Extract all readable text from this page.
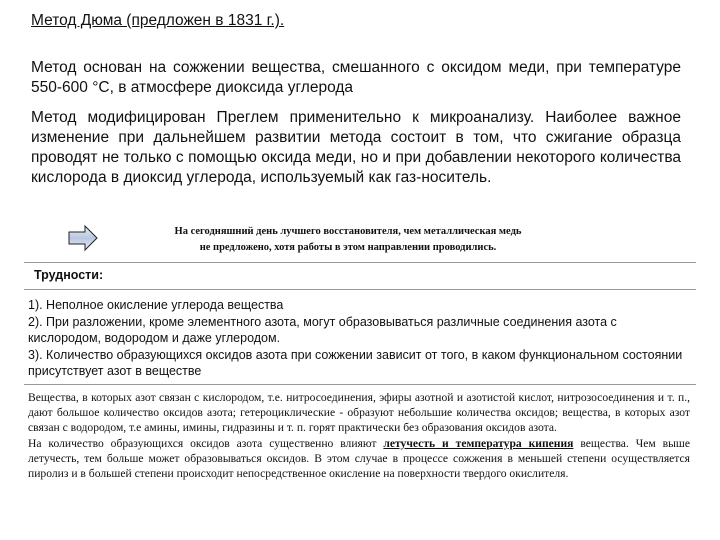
Метод Дюма (предложен в 1831 г.).
Метод основан на сожжении вещества, смешанного с оксидом меди, при температуре 550-600 °С, в атмосфере диоксида углерода
Метод модифицирован Преглем применительно к микроанализу. Наиболее важное изменение при дальнейшем развитии метода состоит в том, что сжигание образца проводят не только с помощью оксида меди, но и при добавлении некоторого количества кислорода в диоксид углерода, используемый как газ-носитель.
На сегодняшний день лучшего восстановителя, чем металлическая медь
не предложено, хотя работы в этом направлении проводились.
Трудности:
1). Неполное окисление углерода вещества
2). При разложении, кроме элементного азота, могут образовываться различные соединения азота с кислородом, водородом и даже углеродом.
3). Количество образующихся оксидов азота при сожжении зависит от того, в каком функциональном состоянии присутствует азот в веществе

Вещества, в которых азот связан с кислородом, т.е. нитросоединения, эфиры азотной и азотистой кислот, нитрозосоединения и т. п., дают большое количество оксидов азота; гетероциклические - образуют небольшие количества оксидов; вещества, в которых азот связан с водородом, т.е амины, имины, гидразины и т. п. горят практически без образования оксидов азота.

На количество образующихся оксидов азота существенно влияют летучесть и температура кипения вещества. Чем выше летучесть, тем больше может образовываться оксидов. В этом случае в процессе сожжения в меньшей степени осуществляется пиролиз и в большей степени происходит непосредственное окисление на поверхности твердого окислителя.
